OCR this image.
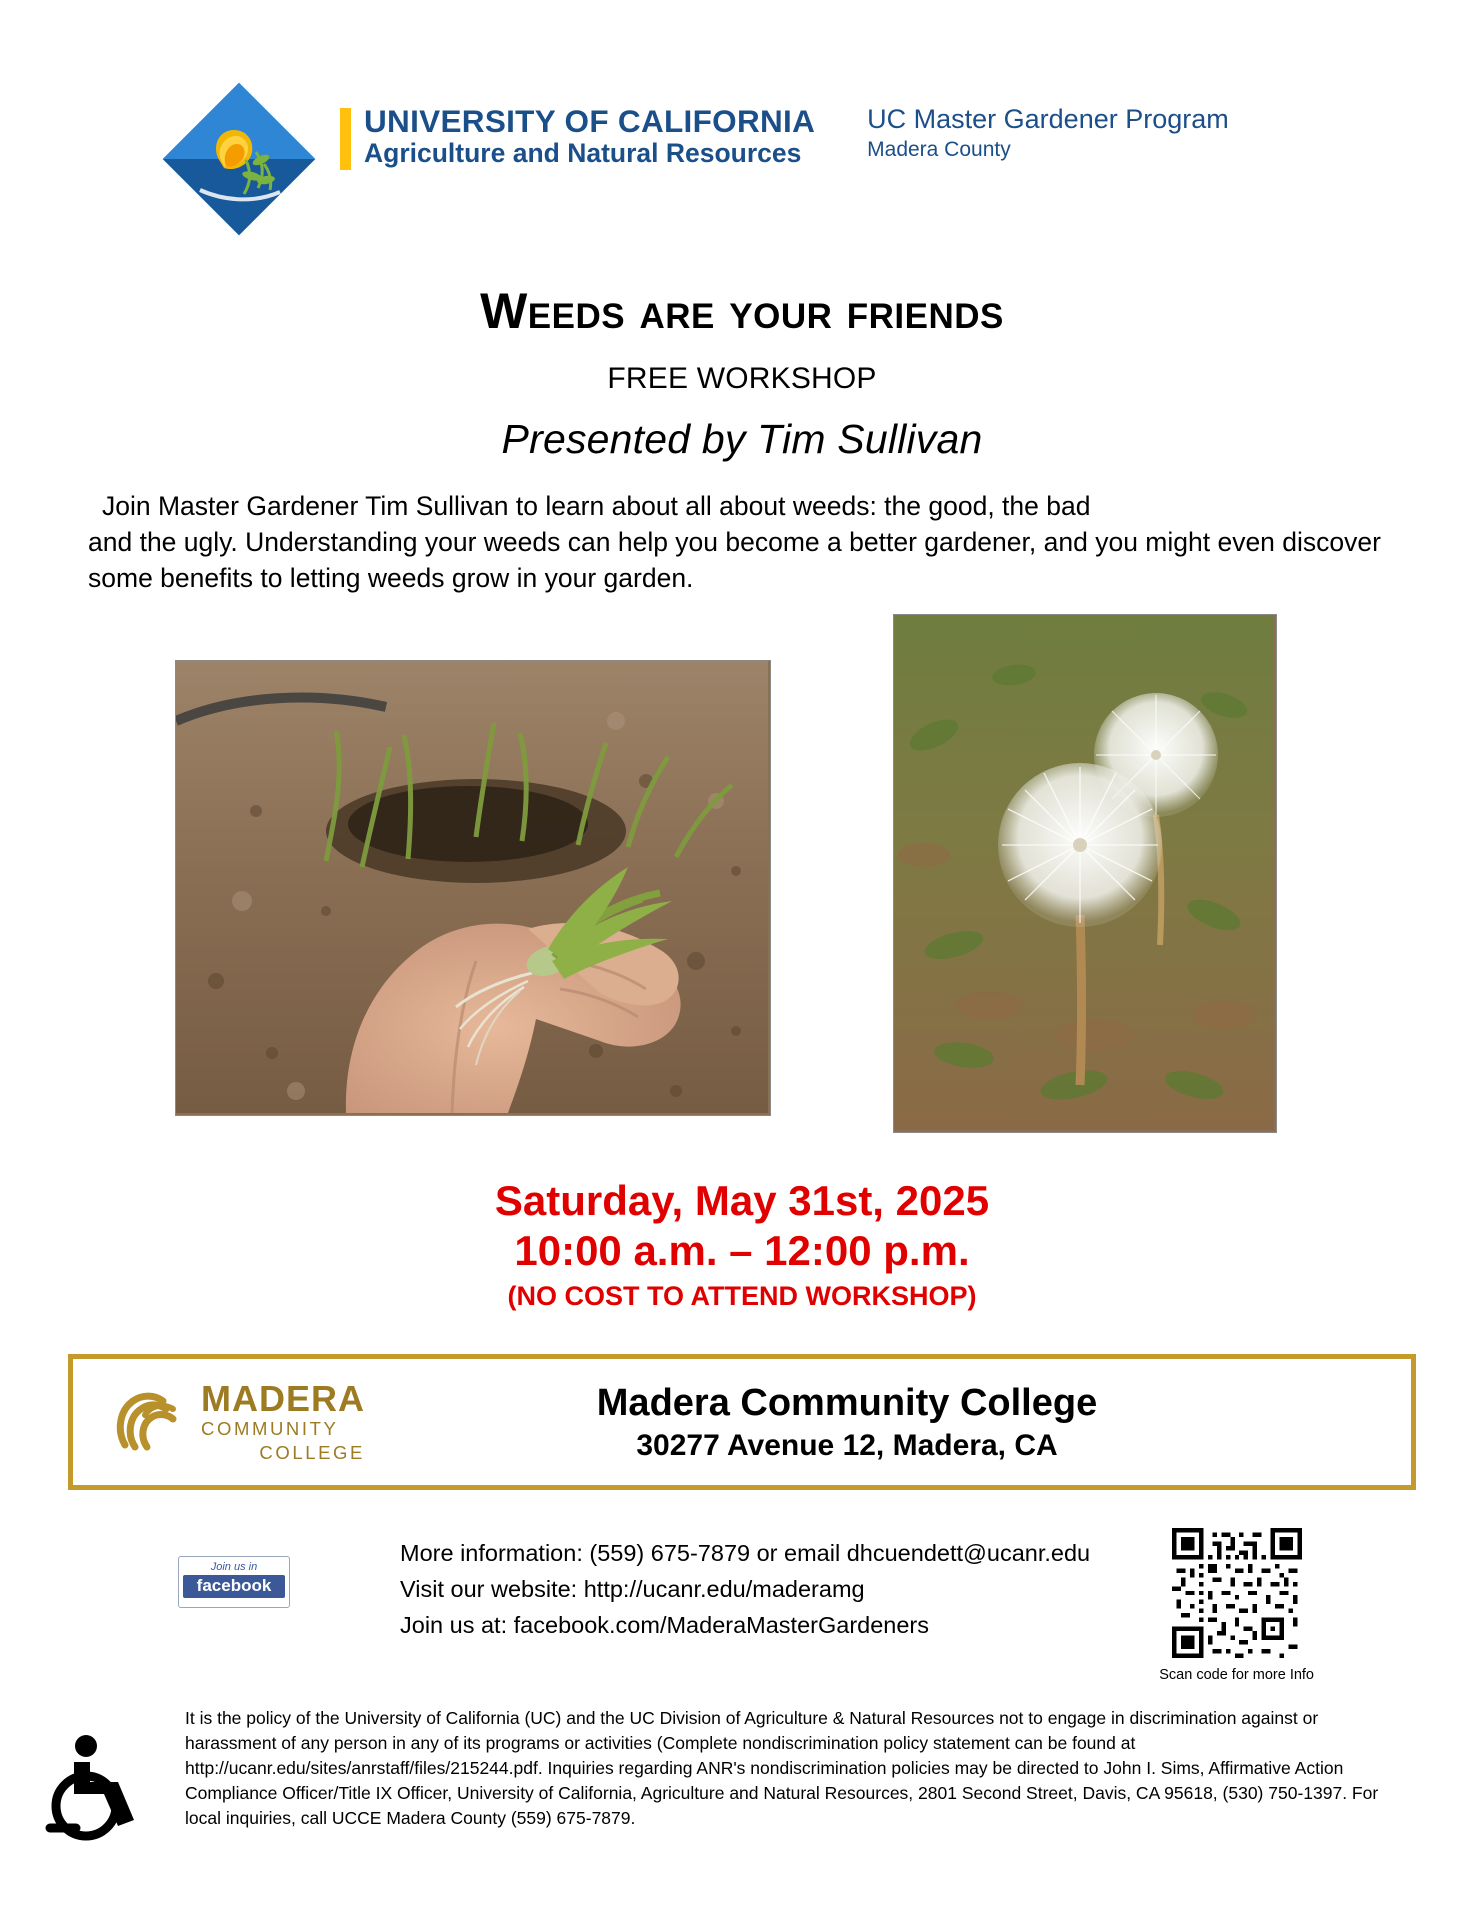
UNIVERSITY OF CALIFORNIA
Agriculture and Natural Resources
UC Master Gardener Program
Madera County
Weeds are your friends
FREE WORKSHOP
Presented by Tim Sullivan
Join Master Gardener Tim Sullivan to learn about all about weeds: the good, the bad
and the ugly. Understanding your weeds can help you become a better gardener, and you might even discover some benefits to letting weeds grow in your garden.
Saturday, May 31st, 2025
10:00 a.m. – 12:00 p.m.
(NO COST TO ATTEND WORKSHOP)
MADERA
COMMUNITY
COLLEGE
Madera Community College
30277 Avenue 12, Madera, CA
Join us in
facebook
More information: (559) 675-7879 or email dhcuendett@ucanr.edu
Visit our website: http://ucanr.edu/maderamg
Join us at: facebook.com/MaderaMasterGardeners
Scan code for more Info
It is the policy of the University of California (UC) and the UC Division of Agriculture & Natural Resources not to engage in discrimination against or
harassment of any person in any of its programs or activities (Complete nondiscrimination policy statement can be found at
http://ucanr.edu/sites/anrstaff/files/215244.pdf. Inquiries regarding ANR's nondiscrimination policies may be directed to John I. Sims, Affirmative Action
Compliance Officer/Title IX Officer, University of California, Agriculture and Natural Resources, 2801 Second Street, Davis, CA 95618, (530) 750-1397. For
local inquiries, call UCCE Madera County (559) 675-7879.
